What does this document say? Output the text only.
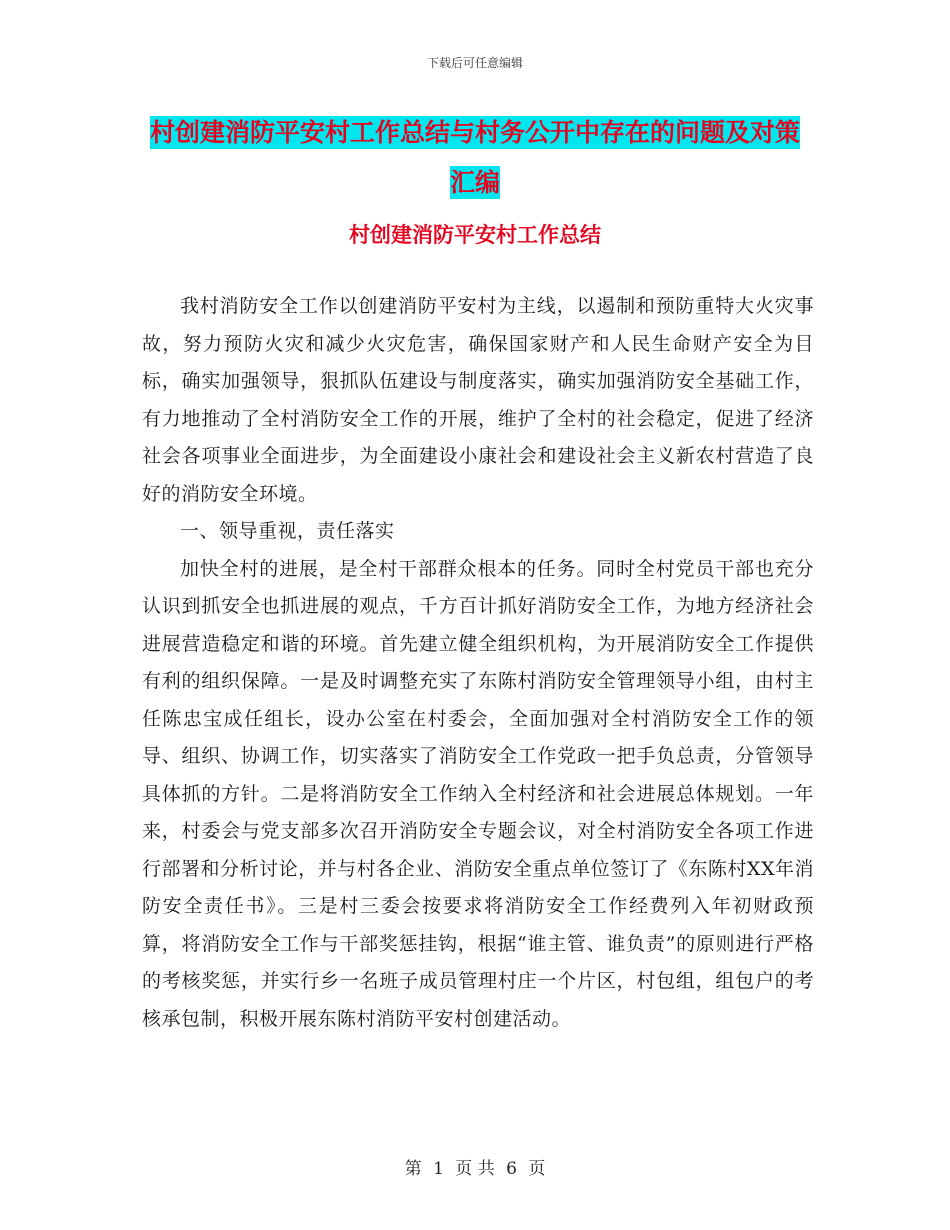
下载后可任意编辑
村创建消防平安村工作总结与村务公开中存在的问题及对策汇编
村创建消防平安村工作总结

我村消防安全工作以创建消防平安村为主线，以遏制和预防重特大火灾事故，努力预防火灾和减少火灾危害，确保国家财产和人民生命财产安全为目标，确实加强领导，狠抓队伍建设与制度落实，确实加强消防安全基础工作，有力地推动了全村消防安全工作的开展，维护了全村的社会稳定，促进了经济社会各项事业全面进步，为全面建设小康社会和建设社会主义新农村营造了良好的消防安全环境。

一、领导重视，责任落实

加快全村的进展，是全村干部群众根本的任务。同时全村党员干部也充分认识到抓安全也抓进展的观点，千方百计抓好消防安全工作，为地方经济社会进展营造稳定和谐的环境。首先建立健全组织机构，为开展消防安全工作提供有利的组织保障。一是及时调整充实了东陈村消防安全管理领导小组，由村主任陈忠宝成任组长，设办公室在村委会，全面加强对全村消防安全工作的领导、组织、协调工作，切实落实了消防安全工作党政一把手负总责，分管领导具体抓的方针。二是将消防安全工作纳入全村经济和社会进展总体规划。一年来，村委会与党支部多次召开消防安全专题会议，对全村消防安全各项工作进行部署和分析讨论，并与村各企业、消防安全重点单位签订了《东陈村XX年消防安全责任书》。三是村三委会按要求将消防安全工作经费列入年初财政预算，将消防安全工作与干部奖惩挂钩，根据“谁主管、谁负责”的原则进行严格的考核奖惩，并实行乡一名班子成员管理村庄一个片区，村包组，组包户的考核承包制，积极开展东陈村消防平安村创建活动。

第 1 页 共 6 页
